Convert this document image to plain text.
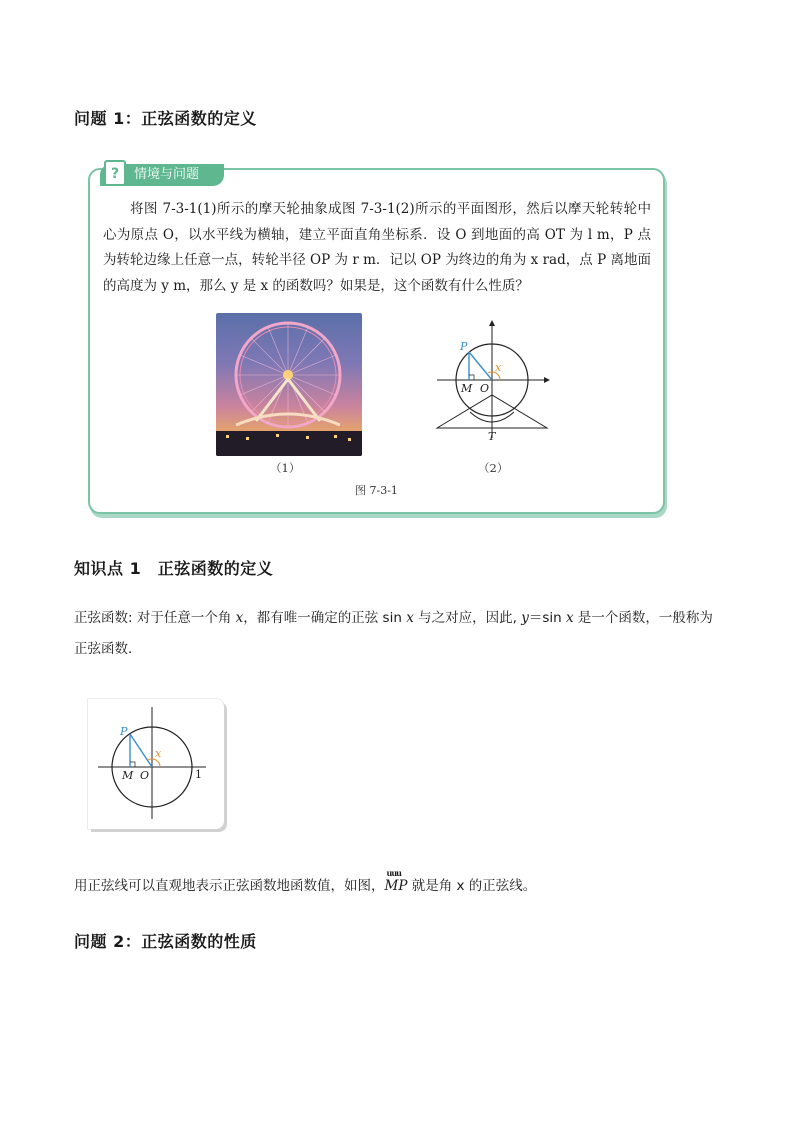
问题 1：正弦函数的定义
情境与问题
?
将图 7-3-1(1)所示的摩天轮抽象成图 7-3-1(2)所示的平面图形，然后以摩天轮转轮中心为原点 O，以水平线为横轴，建立平面直角坐标系．设 O 到地面的高 OT 为 l m，P 点为转轮边缘上任意一点，转轮半径 OP 为 r m．记以 OP 为终边的角为 x rad，点 P 离地面的高度为 y m，那么 y 是 x 的函数吗？如果是，这个函数有什么性质？
（1）
P
M O
x
T
（2）
图 7-3-1
知识点 1　正弦函数的定义
正弦函数: 对于任意一个角 x，都有唯一确定的正弦 sin x 与之对应，因此, y＝sin x 是一个函数，一般称为正弦函数．
P
M O
x
1
用正弦线可以直观地表示正弦函数地函数值，如图，
uuu
MP 就是角 x 的正弦线。
问题 2：正弦函数的性质
